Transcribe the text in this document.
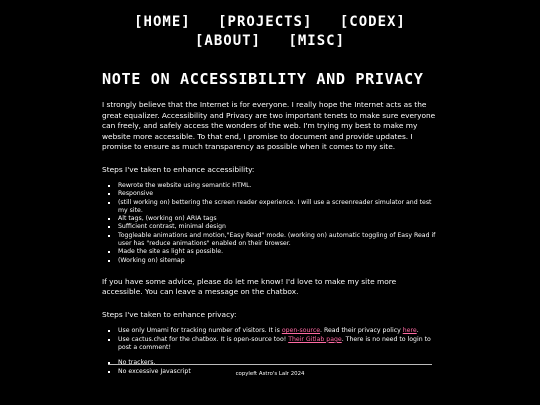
[HOME] [PROJECTS] [CODEX]
[ABOUT] [MISC]
NOTE ON ACCESSIBILITY AND PRIVACY

I strongly believe that the Internet is for everyone. I really hope the Internet acts as the great equalizer. Accessibility and Privacy are two important tenets to make sure everyone can freely, and safely access the wonders of the web. I'm trying my best to make my website more accessible. To that end, I promise to document and provide updates. I promise to ensure as much transparency as possible when it comes to my site.

Steps I've taken to enhance accessibility:

▪ Rewrote the website using semantic HTML.
▪ Responsive
▪ (still working on) bettering the screen reader experience. I will use a screenreader simulator and test my site.
▪ Alt tags, (working on) ARIA tags
▪ Sufficient contrast, minimal design
▪ Toggleable animations and motion,"Easy Read" mode. (working on) automatic toggling of Easy Read if user has "reduce animations" enabled on their browser.
▪ Made the site as light as possible.
▪ (Working on) sitemap

If you have some advice, please do let me know! I'd love to make my site more accessible. You can leave a message on the chatbox.

Steps I've taken to enhance privacy:

▪ Use only Umami for tracking number of visitors. It is open-source. Read their privacy policy here.
▪ Use cactus.chat for the chatbox. It is open-source too! Their Gitlab page. There is no need to login to post a comment!
▪ No trackers.
▪ No excessive Javascript	copyleft Astro's LaIr 2024
